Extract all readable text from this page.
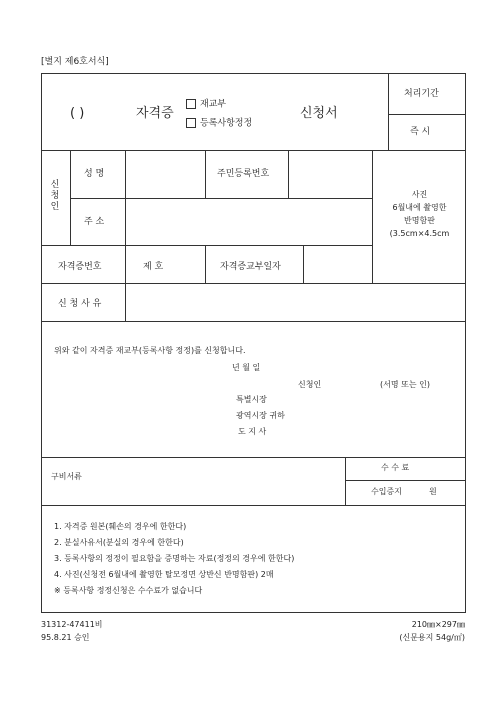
[별지 제6호서식]
( )	자격증
재교부
등록사항정정
신청서
처리기간
즉 시
신청인
성 명	주민등록번호
주 소
사진
6월내에 촬영한
반명함판
(3.5cm×4.5cm
자격증번호	제 호	자격증교부일자
신 청 사 유
위와 같이 자격증 재교부(등록사항 정정)를 신청합니다.
년 월 일
신청인	(서명 또는 인)
특별시장
광역시장 귀하
도 지 사
구비서류
수 수 료
수입증지	원
1. 자격증 원본(훼손의 경우에 한한다)
2. 분실사유서(분실의 경우에 한한다)
3. 등록사항의 정정이 필요함을 증명하는 자료(정정의 경우에 한한다)
4. 사진(신청전 6월내에 촬영한 탈모정면 상반신 반명함판) 2매
※ 등록사항 정정신청은 수수료가 없습니다
31312-47411비
95.8.21 승인
210㎜×297㎜
(신문용지 54g/㎡)
